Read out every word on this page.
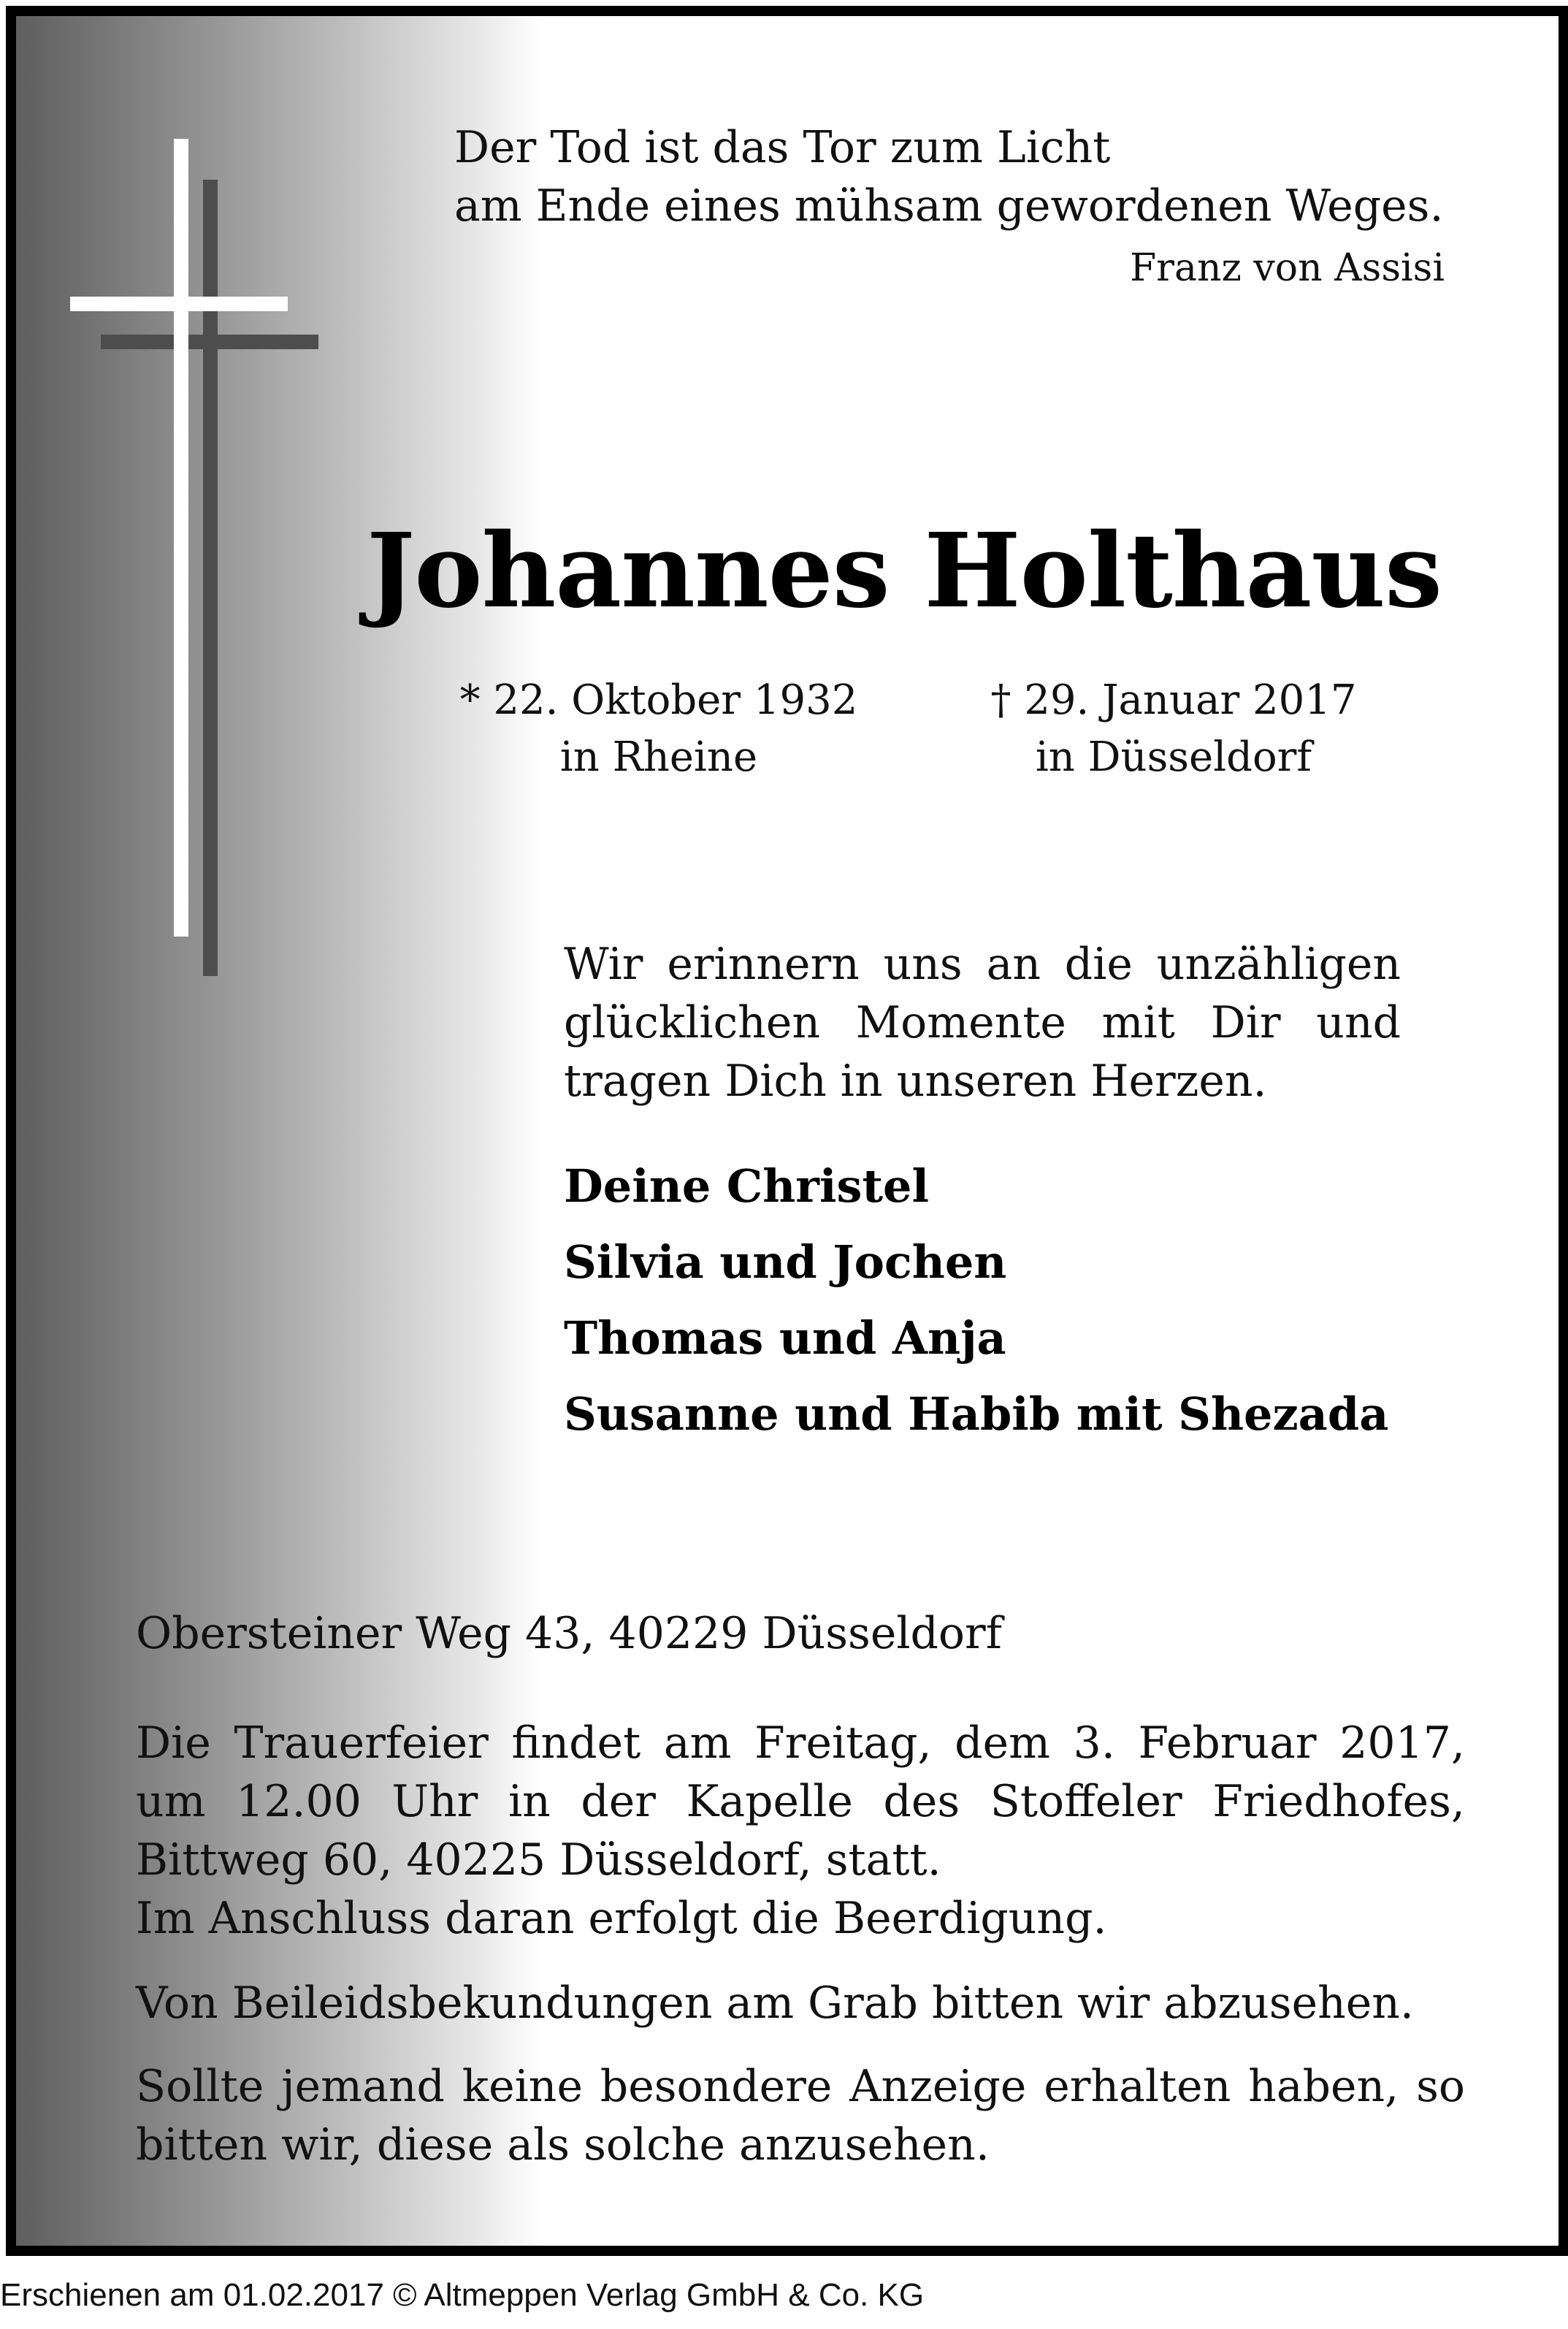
Der Tod ist das Tor zum Licht
am Ende eines mühsam gewordenen Weges.
Franz von Assisi
Johannes Holthaus
* 22. Oktober 1932
in Rheine
† 29. Januar 2017
in Düsseldorf
Wir erinnern uns an die unzähligen
glücklichen Momente mit Dir und
tragen Dich in unseren Herzen.
Deine Christel
Silvia und Jochen
Thomas und Anja
Susanne und Habib mit Shezada
Obersteiner Weg 43, 40229 Düsseldorf
Die Trauerfeier findet am Freitag, dem 3. Februar 2017,
um 12.00 Uhr in der Kapelle des Stoffeler Friedhofes,
Bittweg 60, 40225 Düsseldorf, statt.
Im Anschluss daran erfolgt die Beerdigung.
Von Beileidsbekundungen am Grab bitten wir abzusehen.
Sollte jemand keine besondere Anzeige erhalten haben, so
bitten wir, diese als solche anzusehen.
Erschienen am 01.02.2017 © Altmeppen Verlag GmbH & Co. KG
